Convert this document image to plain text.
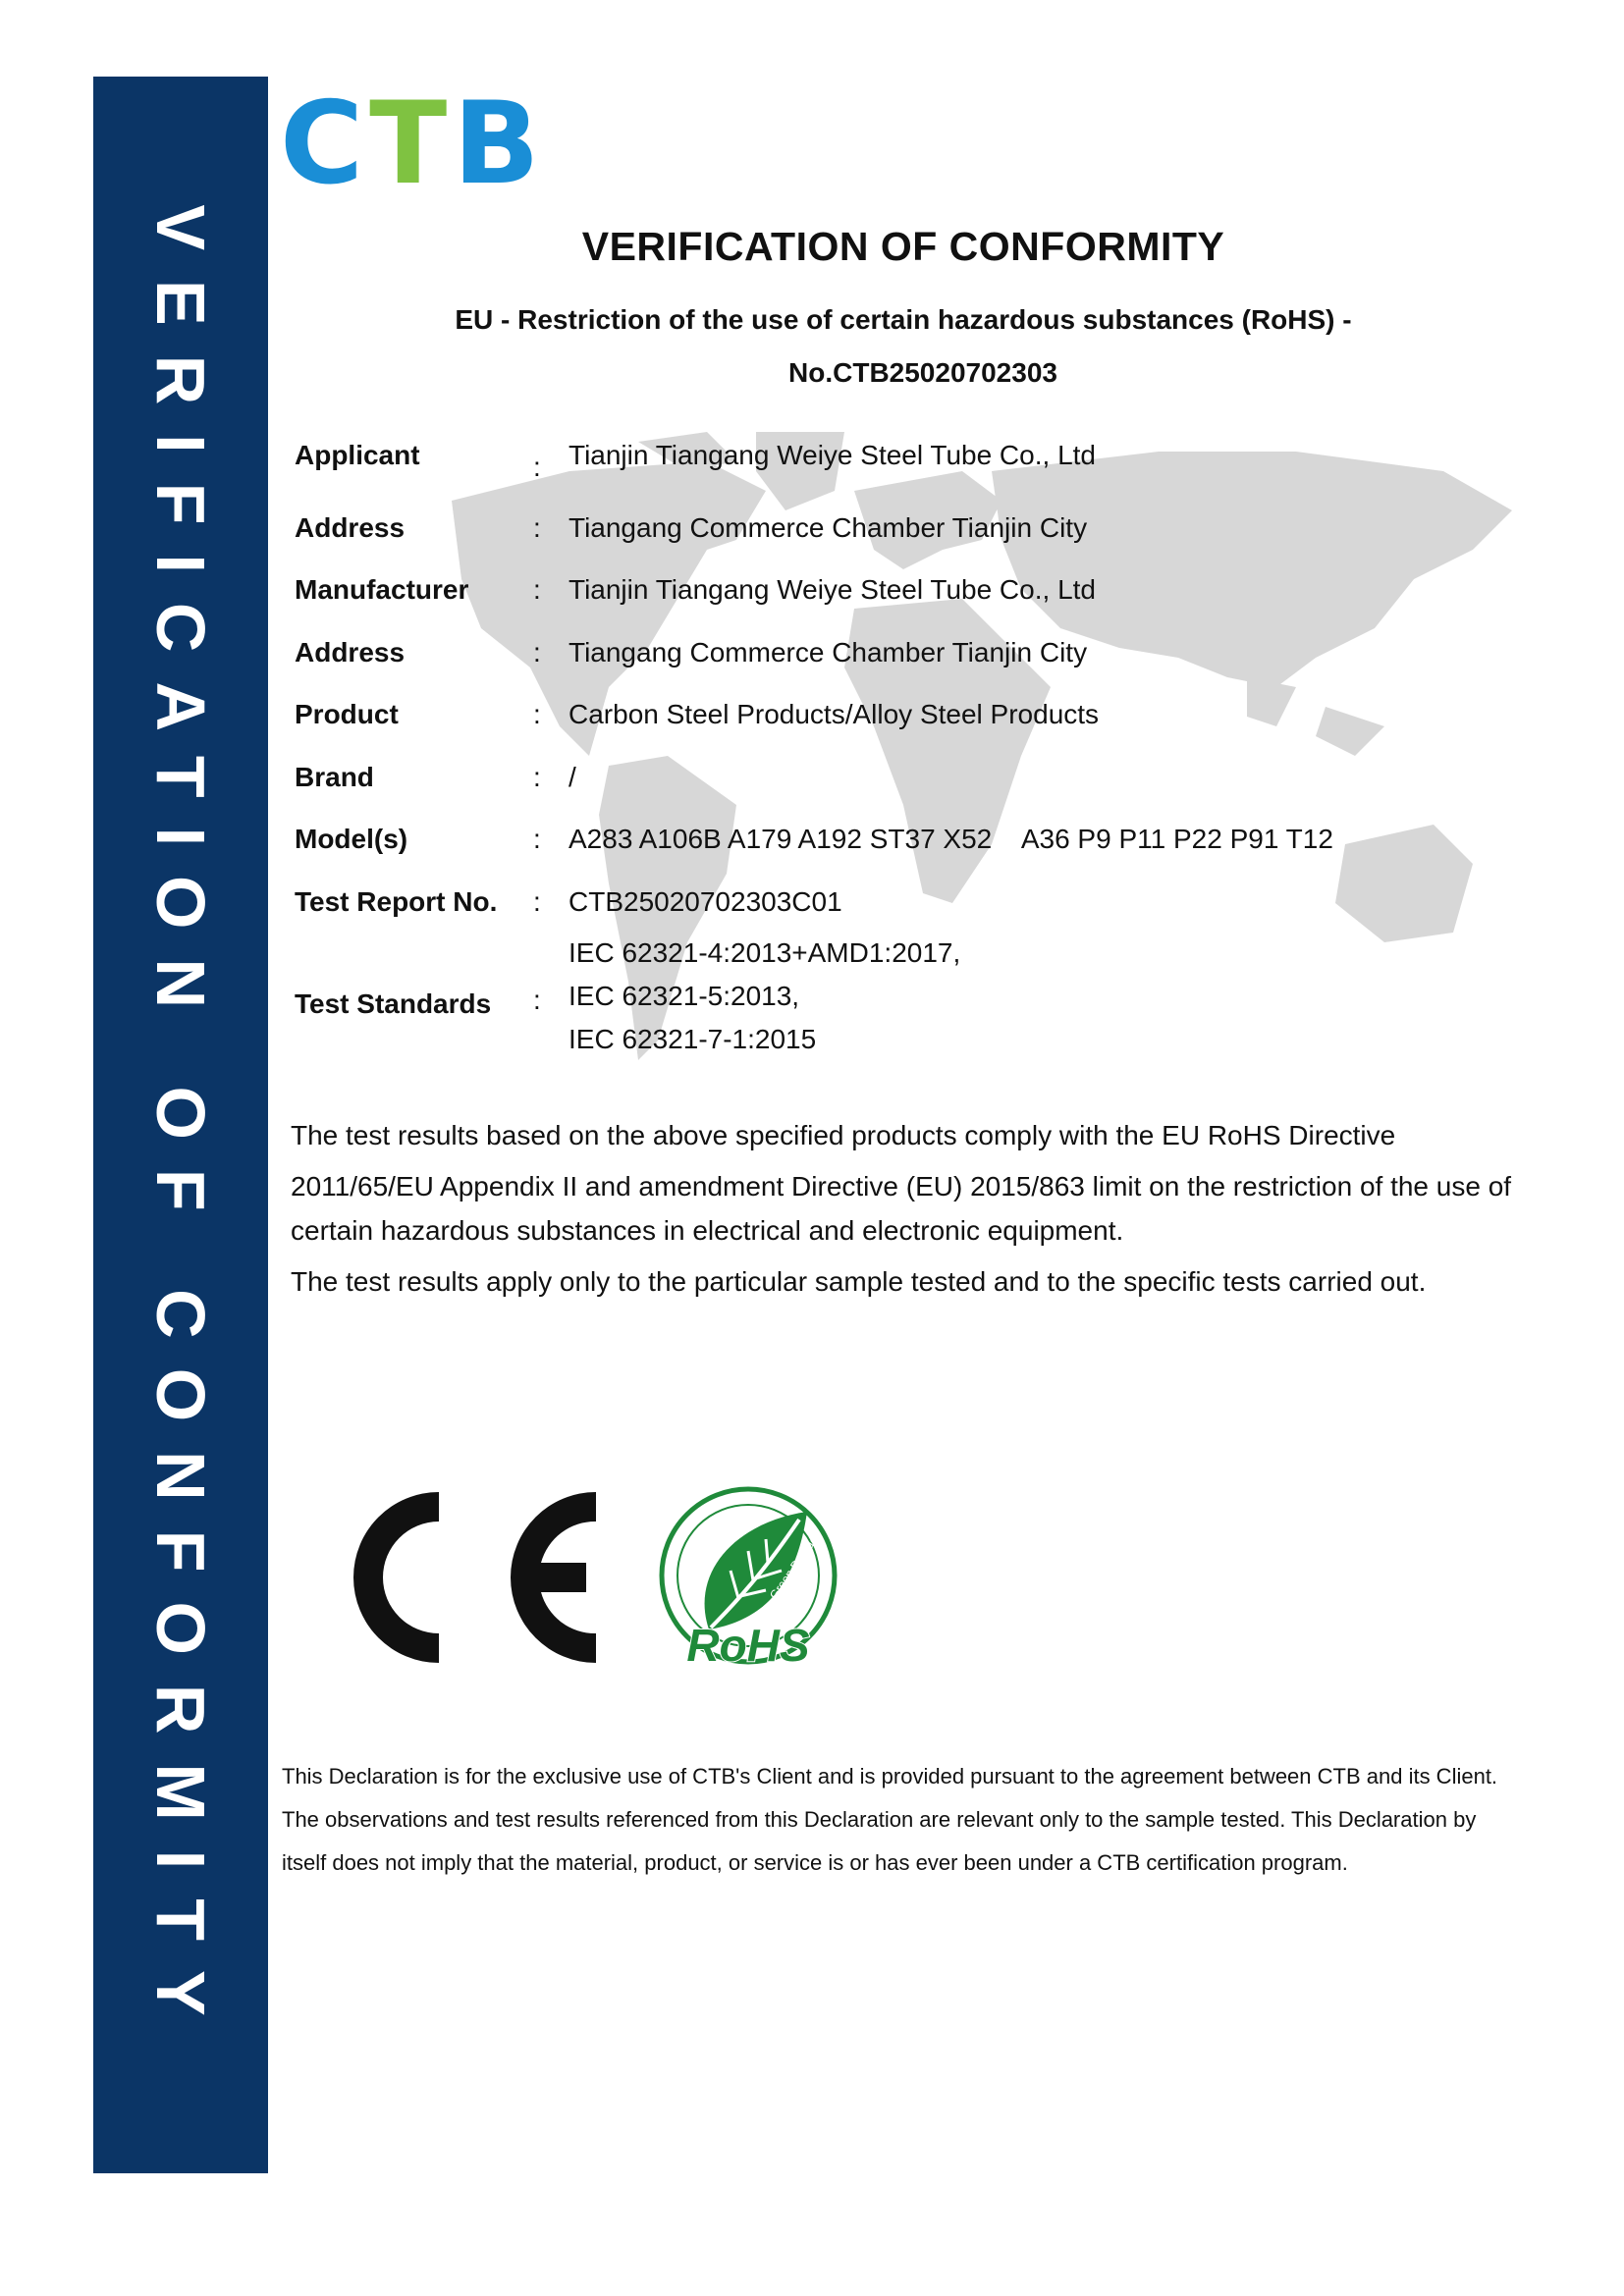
VERIFICATION OF CONFORMITY
CTB
VERIFICATION OF CONFORMITY
EU - Restriction of the use of certain hazardous substances (RoHS) -
No.CTB25020702303
Applicant	: Tianjin Tiangang Weiye Steel Tube Co., Ltd
Address	: Tiangang Commerce Chamber Tianjin City
Manufacturer	: Tianjin Tiangang Weiye Steel Tube Co., Ltd
Address	: Tiangang Commerce Chamber Tianjin City
Product	: Carbon Steel Products/Alloy Steel Products
Brand	: /
Model(s)	: A283 A106B A179 A192 ST37 X52    A36 P9 P11 P22 P91 T12
Test Report No.	: CTB25020702303C01
Test Standards	:
IEC 62321-4:2013+AMD1:2017,
IEC 62321-5:2013,
IEC 62321-7-1:2015
The test results based on the above specified products comply with the EU RoHS Directive
2011/65/EU Appendix II and amendment Directive (EU) 2015/863 limit on the restriction of the use of
certain hazardous substances in electrical and electronic equipment.
The test results apply only to the particular sample tested and to the specific tests carried out.
Green Product
RoHS
This Declaration is for the exclusive use of CTB's Client and is provided pursuant to the agreement between CTB and its Client.
The observations and test results referenced from this Declaration are relevant only to the sample tested. This Declaration by
itself does not imply that the material, product, or service is or has ever been under a CTB certification program.
